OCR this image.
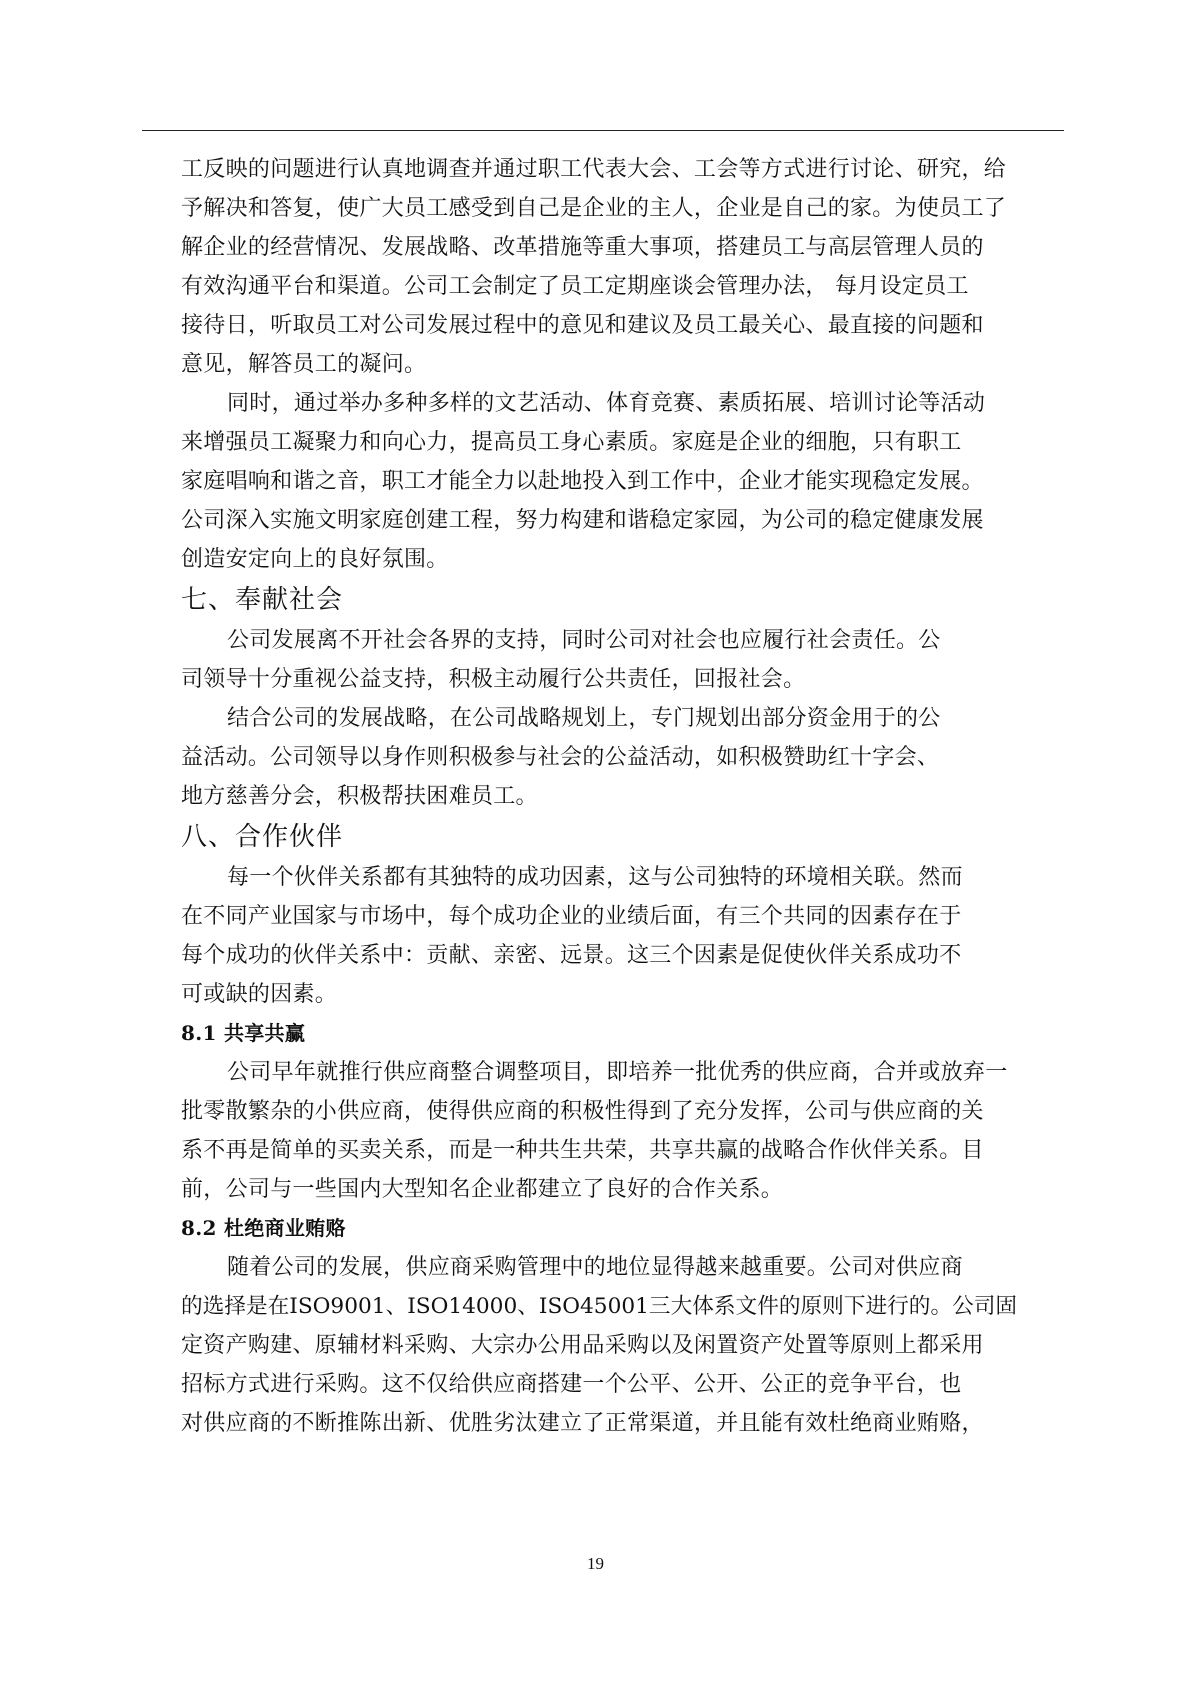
工反映的问题进行认真地调查并通过职工代表大会、工会等方式进行讨论、研究，给
予解决和答复，使广大员工感受到自己是企业的主人，企业是自己的家。为使员工了
解企业的经营情况、发展战略、改革措施等重大事项，搭建员工与高层管理人员的
有效沟通平台和渠道。公司工会制定了员工定期座谈会管理办法， 每月设定员工
接待日，听取员工对公司发展过程中的意见和建议及员工最关心、最直接的问题和
意见，解答员工的凝问。

同时，通过举办多种多样的文艺活动、体育竞赛、素质拓展、培训讨论等活动
来增强员工凝聚力和向心力，提高员工身心素质。家庭是企业的细胞，只有职工
家庭唱响和谐之音，职工才能全力以赴地投入到工作中，企业才能实现稳定发展。
公司深入实施文明家庭创建工程，努力构建和谐稳定家园，为公司的稳定健康发展
创造安定向上的良好氛围。

七、奉献社会

公司发展离不开社会各界的支持，同时公司对社会也应履行社会责任。公
司领导十分重视公益支持，积极主动履行公共责任，回报社会。

结合公司的发展战略，在公司战略规划上，专门规划出部分资金用于的公
益活动。公司领导以身作则积极参与社会的公益活动，如积极赞助红十字会、
地方慈善分会，积极帮扶困难员工。

八、合作伙伴

每一个伙伴关系都有其独特的成功因素，这与公司独特的环境相关联。然而
在不同产业国家与市场中，每个成功企业的业绩后面，有三个共同的因素存在于
每个成功的伙伴关系中：贡献、亲密、远景。这三个因素是促使伙伴关系成功不
可或缺的因素。

8.1 共享共赢

公司早年就推行供应商整合调整项目，即培养一批优秀的供应商，合并或放弃一
批零散繁杂的小供应商，使得供应商的积极性得到了充分发挥，公司与供应商的关
系不再是简单的买卖关系，而是一种共生共荣，共享共赢的战略合作伙伴关系。目
前，公司与一些国内大型知名企业都建立了良好的合作关系。

8.2 杜绝商业贿赂

随着公司的发展，供应商采购管理中的地位显得越来越重要。公司对供应商
的选择是在ISO9001、ISO14000、ISO45001三大体系文件的原则下进行的。公司固
定资产购建、原辅材料采购、大宗办公用品采购以及闲置资产处置等原则上都采用
招标方式进行采购。这不仅给供应商搭建一个公平、公开、公正的竞争平台，也
对供应商的不断推陈出新、优胜劣汰建立了正常渠道，并且能有效杜绝商业贿赂，

19
